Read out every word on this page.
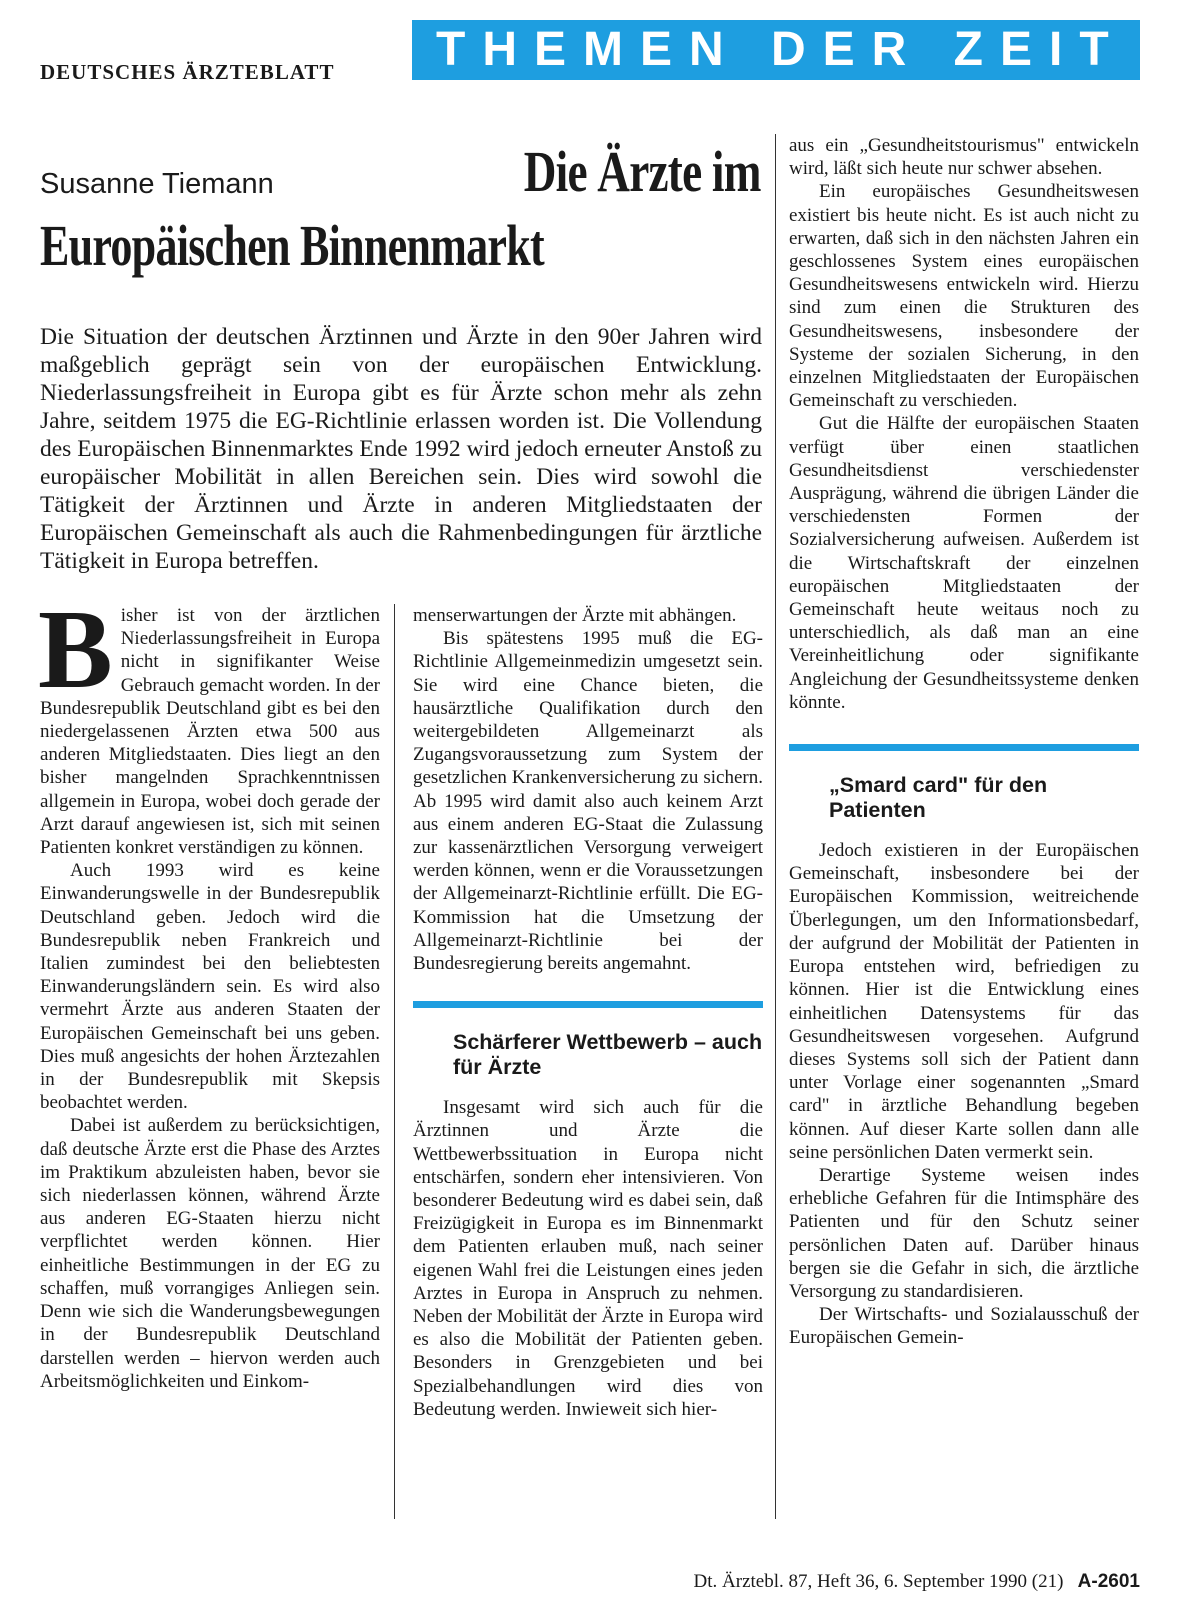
DEUTSCHES ÄRZTEBLATT	THEMEN DER ZEIT
Susanne Tiemann	Die Ärzte im
Europäischen Binnenmarkt
Die Situation der deutschen Ärztinnen und Ärzte in den 90er Jahren wird maßgeblich geprägt sein von der europäischen Entwicklung. Niederlassungsfreiheit in Europa gibt es für Ärzte schon mehr als zehn Jahre, seitdem 1975 die EG-Richtlinie erlassen worden ist. Die Vollendung des Europäischen Binnenmarktes Ende 1992 wird jedoch erneuter Anstoß zu europäischer Mobilität in allen Bereichen sein. Dies wird sowohl die Tätigkeit der Ärztinnen und Ärzte in anderen Mitgliedstaaten der Europäischen Gemeinschaft als auch die Rahmenbedingungen für ärztliche Tätigkeit in Europa betreffen.

Bisher ist von der ärztlichen Niederlassungsfreiheit in Europa nicht in signifikanter Weise Gebrauch gemacht worden. In der Bundesrepublik Deutschland gibt es bei den niedergelassenen Ärzten etwa 500 aus anderen Mitgliedstaaten. Dies liegt an den bisher mangelnden Sprachkenntnissen allgemein in Europa, wobei doch gerade der Arzt darauf angewiesen ist, sich mit seinen Patienten konkret verständigen zu können.

Auch 1993 wird es keine Einwanderungswelle in der Bundesrepublik Deutschland geben. Jedoch wird die Bundesrepublik neben Frankreich und Italien zumindest bei den beliebtesten Einwanderungsländern sein. Es wird also vermehrt Ärzte aus anderen Staaten der Europäischen Gemeinschaft bei uns geben. Dies muß angesichts der hohen Ärztezahlen in der Bundesrepublik mit Skepsis beobachtet werden.

Dabei ist außerdem zu berücksichtigen, daß deutsche Ärzte erst die Phase des Arztes im Praktikum abzuleisten haben, bevor sie sich niederlassen können, während Ärzte aus anderen EG-Staaten hierzu nicht verpflichtet werden können. Hier einheitliche Bestimmungen in der EG zu schaffen, muß vorrangiges Anliegen sein. Denn wie sich die Wanderungsbewegungen in der Bundesrepublik Deutschland darstellen werden – hiervon werden auch Arbeitsmöglichkeiten und Einkom-

menserwartungen der Ärzte mit abhängen.

Bis spätestens 1995 muß die EG-Richtlinie Allgemeinmedizin umgesetzt sein. Sie wird eine Chance bieten, die hausärztliche Qualifikation durch den weitergebildeten Allgemeinarzt als Zugangsvoraussetzung zum System der gesetzlichen Krankenversicherung zu sichern. Ab 1995 wird damit also auch keinem Arzt aus einem anderen EG-Staat die Zulassung zur kassenärztlichen Versorgung verweigert werden können, wenn er die Voraussetzungen der Allgemeinarzt-Richtlinie erfüllt. Die EG-Kommission hat die Umsetzung der Allgemeinarzt-Richtlinie bei der Bundesregierung bereits angemahnt.

Schärferer Wettbewerb – auch für Ärzte

Insgesamt wird sich auch für die Ärztinnen und Ärzte die Wettbewerbssituation in Europa nicht entschärfen, sondern eher intensivieren. Von besonderer Bedeutung wird es dabei sein, daß Freizügigkeit in Europa es im Binnenmarkt dem Patienten erlauben muß, nach seiner eigenen Wahl frei die Leistungen eines jeden Arztes in Europa in Anspruch zu nehmen. Neben der Mobilität der Ärzte in Europa wird es also die Mobilität der Patienten geben. Besonders in Grenzgebieten und bei Spezialbehandlungen wird dies von Bedeutung werden. Inwieweit sich hier-

aus ein „Gesundheitstourismus" entwickeln wird, läßt sich heute nur schwer absehen.

Ein europäisches Gesundheitswesen existiert bis heute nicht. Es ist auch nicht zu erwarten, daß sich in den nächsten Jahren ein geschlossenes System eines europäischen Gesundheitswesens entwickeln wird. Hierzu sind zum einen die Strukturen des Gesundheitswesens, insbesondere der Systeme der sozialen Sicherung, in den einzelnen Mitgliedstaaten der Europäischen Gemeinschaft zu verschieden.

Gut die Hälfte der europäischen Staaten verfügt über einen staatlichen Gesundheitsdienst verschiedenster Ausprägung, während die übrigen Länder die verschiedensten Formen der Sozialversicherung aufweisen. Außerdem ist die Wirtschaftskraft der einzelnen europäischen Mitgliedstaaten der Gemeinschaft heute weitaus noch zu unterschiedlich, als daß man an eine Vereinheitlichung oder signifikante Angleichung der Gesundheitssysteme denken könnte.

„Smard card" für den Patienten

Jedoch existieren in der Europäischen Gemeinschaft, insbesondere bei der Europäischen Kommission, weitreichende Überlegungen, um den Informationsbedarf, der aufgrund der Mobilität der Patienten in Europa entstehen wird, befriedigen zu können. Hier ist die Entwicklung eines einheitlichen Datensystems für das Gesundheitswesen vorgesehen. Aufgrund dieses Systems soll sich der Patient dann unter Vorlage einer sogenannten „Smard card" in ärztliche Behandlung begeben können. Auf dieser Karte sollen dann alle seine persönlichen Daten vermerkt sein.

Derartige Systeme weisen indes erhebliche Gefahren für die Intimsphäre des Patienten und für den Schutz seiner persönlichen Daten auf. Darüber hinaus bergen sie die Gefahr in sich, die ärztliche Versorgung zu standardisieren.

Der Wirtschafts- und Sozialausschuß der Europäischen Gemein-

Dt. Ärztebl. 87, Heft 36, 6. September 1990 (21) A-2601
